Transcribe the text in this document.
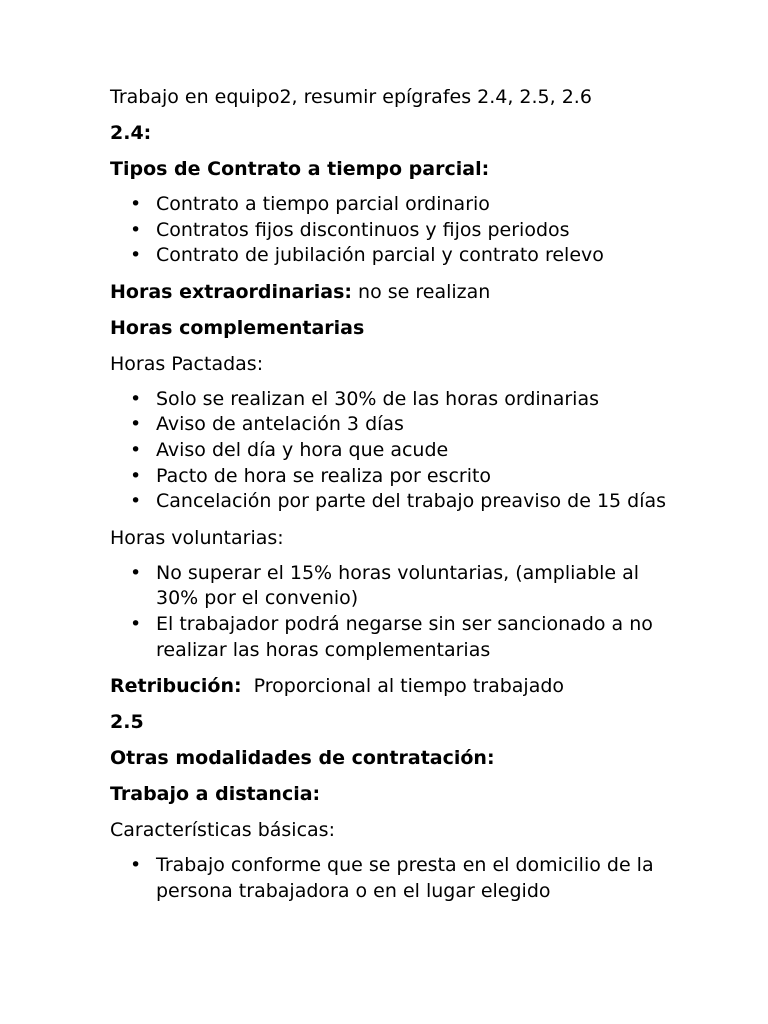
Trabajo en equipo2, resumir epígrafes 2.4, 2.5, 2.6

2.4:

Tipos de Contrato a tiempo parcial:

• Contrato a tiempo parcial ordinario
• Contratos fijos discontinuos y fijos periodos
• Contrato de jubilación parcial y contrato relevo

Horas extraordinarias: no se realizan

Horas complementarias

Horas Pactadas:

• Solo se realizan el 30% de las horas ordinarias
• Aviso de antelación 3 días
• Aviso del día y hora que acude
• Pacto de hora se realiza por escrito
• Cancelación por parte del trabajo preaviso de 15 días

Horas voluntarias:

• No superar el 15% horas voluntarias, (ampliable al 30% por el convenio)
• El trabajador podrá negarse sin ser sancionado a no realizar las horas complementarias

Retribución:  Proporcional al tiempo trabajado

2.5

Otras modalidades de contratación:

Trabajo a distancia:

Características básicas:

• Trabajo conforme que se presta en el domicilio de la persona trabajadora o en el lugar elegido
